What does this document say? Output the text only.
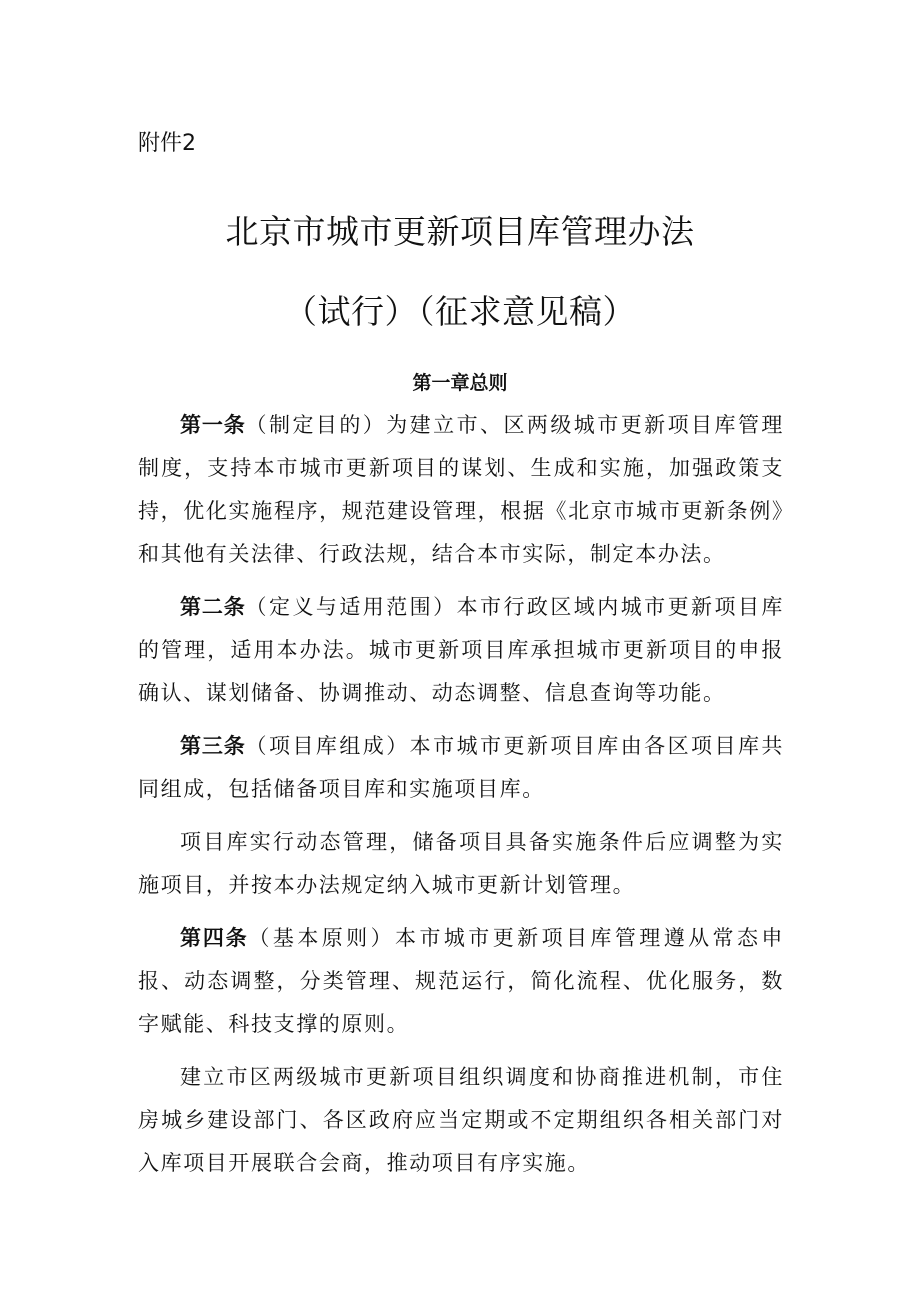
附件2
北京市城市更新项目库管理办法
（试行）（征求意见稿）
第一章总则

第一条（制定目的）为建立市、区两级城市更新项目库管理制度，支持本市城市更新项目的谋划、生成和实施，加强政策支持，优化实施程序，规范建设管理，根据《北京市城市更新条例》和其他有关法律、行政法规，结合本市实际，制定本办法。

第二条（定义与适用范围）本市行政区域内城市更新项目库的管理，适用本办法。城市更新项目库承担城市更新项目的申报确认、谋划储备、协调推动、动态调整、信息查询等功能。

第三条（项目库组成）本市城市更新项目库由各区项目库共同组成，包括储备项目库和实施项目库。

项目库实行动态管理，储备项目具备实施条件后应调整为实施项目，并按本办法规定纳入城市更新计划管理。

第四条（基本原则）本市城市更新项目库管理遵从常态申报、动态调整，分类管理、规范运行，简化流程、优化服务，数字赋能、科技支撑的原则。

建立市区两级城市更新项目组织调度和协商推进机制，市住房城乡建设部门、各区政府应当定期或不定期组织各相关部门对入库项目开展联合会商，推动项目有序实施。
